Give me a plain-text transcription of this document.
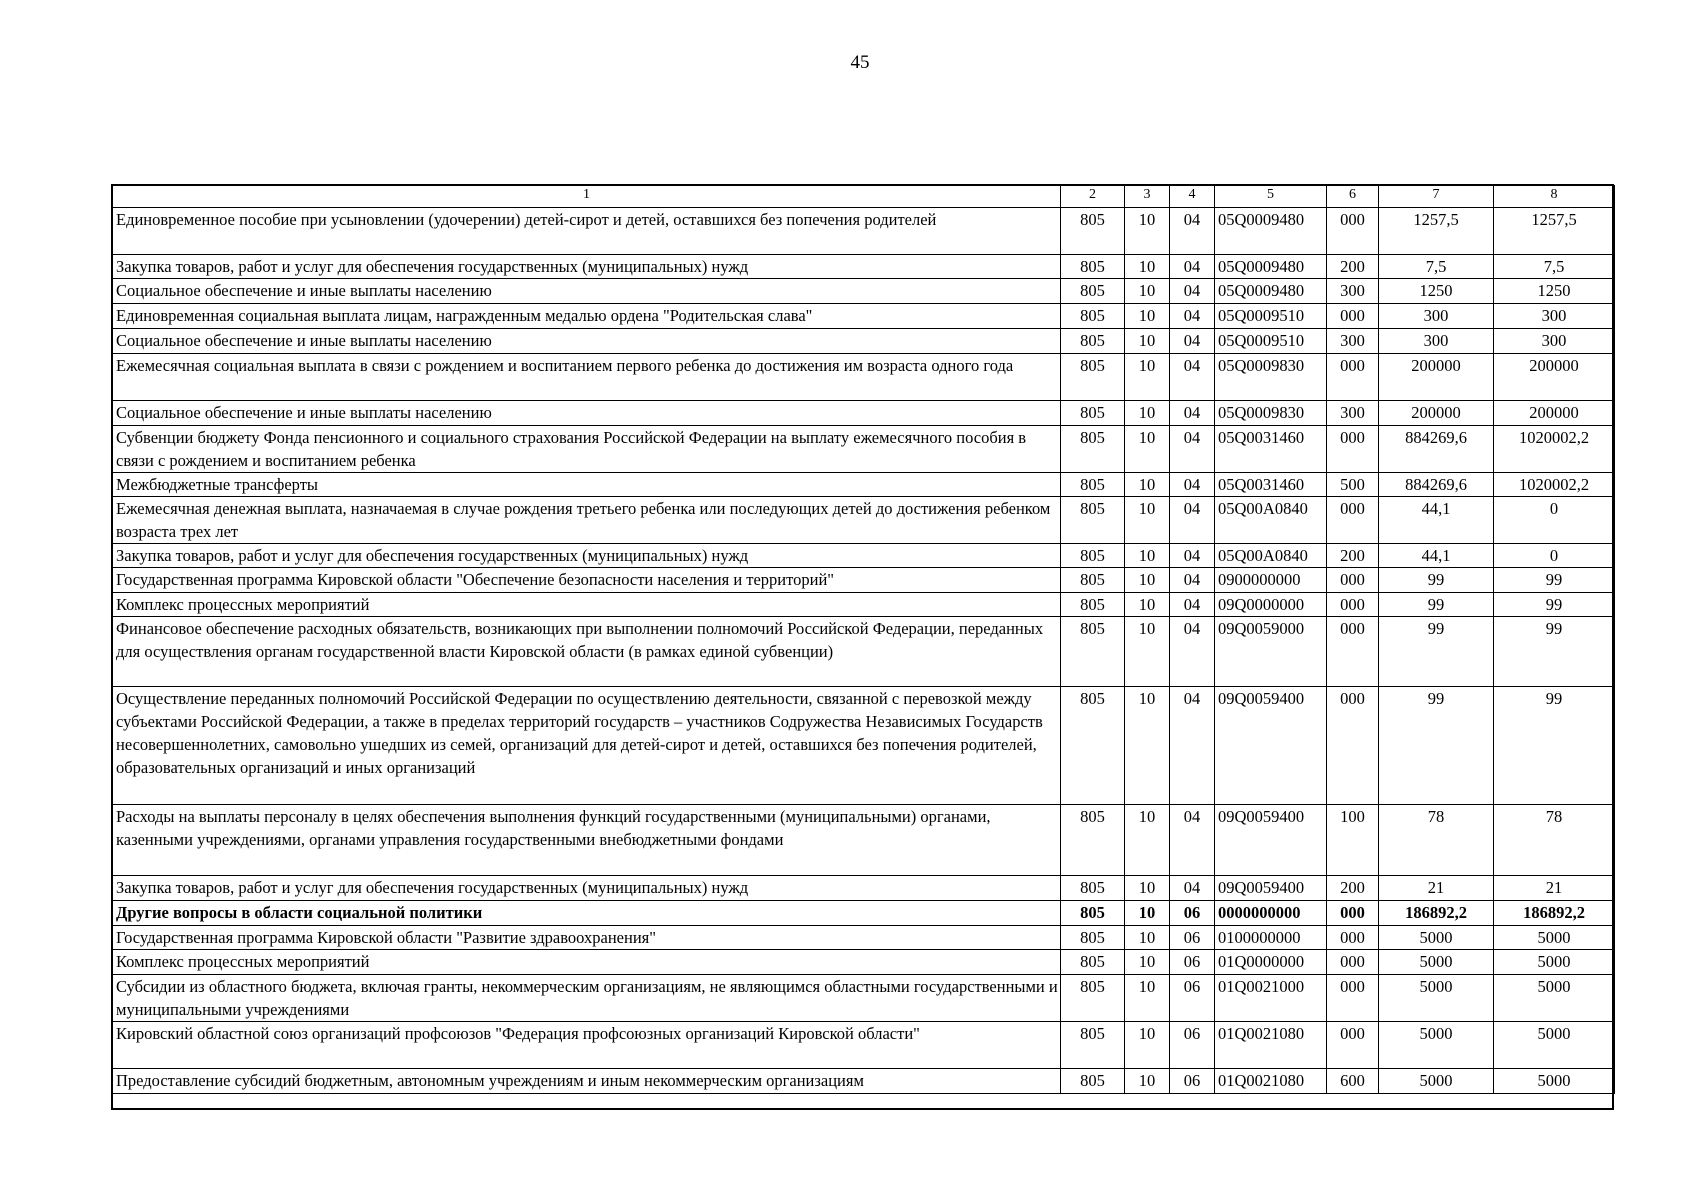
45
1	2	3	4	5	6	7	8
Единовременное пособие при усыновлении (удочерении) детей-сирот и детей, оставшихся без попечения родителей	805	10	04	05Q0009480	000	1257,5	1257,5
Закупка товаров, работ и услуг для обеспечения государственных (муниципальных) нужд	805	10	04	05Q0009480	200	7,5	7,5
Социальное обеспечение и иные выплаты населению	805	10	04	05Q0009480	300	1250	1250
Единовременная социальная выплата лицам, награжденным медалью ордена "Родительская слава"	805	10	04	05Q0009510	000	300	300
Социальное обеспечение и иные выплаты населению	805	10	04	05Q0009510	300	300	300
Ежемесячная социальная выплата в связи с рождением и воспитанием первого ребенка до достижения им возраста одного года	805	10	04	05Q0009830	000	200000	200000
Социальное обеспечение и иные выплаты населению	805	10	04	05Q0009830	300	200000	200000
Субвенции бюджету Фонда пенсионного и социального страхования Российской Федерации на выплату ежемесячного пособия в связи с рождением и воспитанием ребенка	805	10	04	05Q0031460	000	884269,6	1020002,2
Межбюджетные трансферты	805	10	04	05Q0031460	500	884269,6	1020002,2
Ежемесячная денежная выплата, назначаемая в случае рождения третьего ребенка или последующих детей до достижения ребенком возраста трех лет	805	10	04	05Q00A0840	000	44,1	0
Закупка товаров, работ и услуг для обеспечения государственных (муниципальных) нужд	805	10	04	05Q00A0840	200	44,1	0
Государственная программа Кировской области "Обеспечение безопасности населения и территорий"	805	10	04	0900000000	000	99	99
Комплекс процессных мероприятий	805	10	04	09Q0000000	000	99	99
Финансовое обеспечение расходных обязательств, возникающих при выполнении полномочий Российской Федерации, переданных для осуществления органам государственной власти Кировской области (в рамках единой субвенции)	805	10	04	09Q0059000	000	99	99
Осуществление переданных полномочий Российской Федерации по осуществлению деятельности, связанной с перевозкой между субъектами Российской Федерации, а также в пределах территорий государств – участников Содружества Независимых Государств несовершеннолетних, самовольно ушедших из семей, организаций для детей-сирот и детей, оставшихся без попечения родителей, образовательных организаций и иных организаций	805	10	04	09Q0059400	000	99	99
Расходы на выплаты персоналу в целях обеспечения выполнения функций государственными (муниципальными) органами, казенными учреждениями, органами управления государственными внебюджетными фондами	805	10	04	09Q0059400	100	78	78
Закупка товаров, работ и услуг для обеспечения государственных (муниципальных) нужд	805	10	04	09Q0059400	200	21	21
Другие вопросы в области социальной политики	805	10	06	0000000000	000	186892,2	186892,2
Государственная программа Кировской области "Развитие здравоохранения"	805	10	06	0100000000	000	5000	5000
Комплекс процессных мероприятий	805	10	06	01Q0000000	000	5000	5000
Субсидии из областного бюджета, включая гранты, некоммерческим организациям, не являющимся областными государственными и муниципальными учреждениями	805	10	06	01Q0021000	000	5000	5000
Кировский областной союз организаций профсоюзов "Федерация профсоюзных организаций Кировской области"	805	10	06	01Q0021080	000	5000	5000
Предоставление субсидий бюджетным, автономным учреждениям и иным некоммерческим организациям	805	10	06	01Q0021080	600	5000	5000
